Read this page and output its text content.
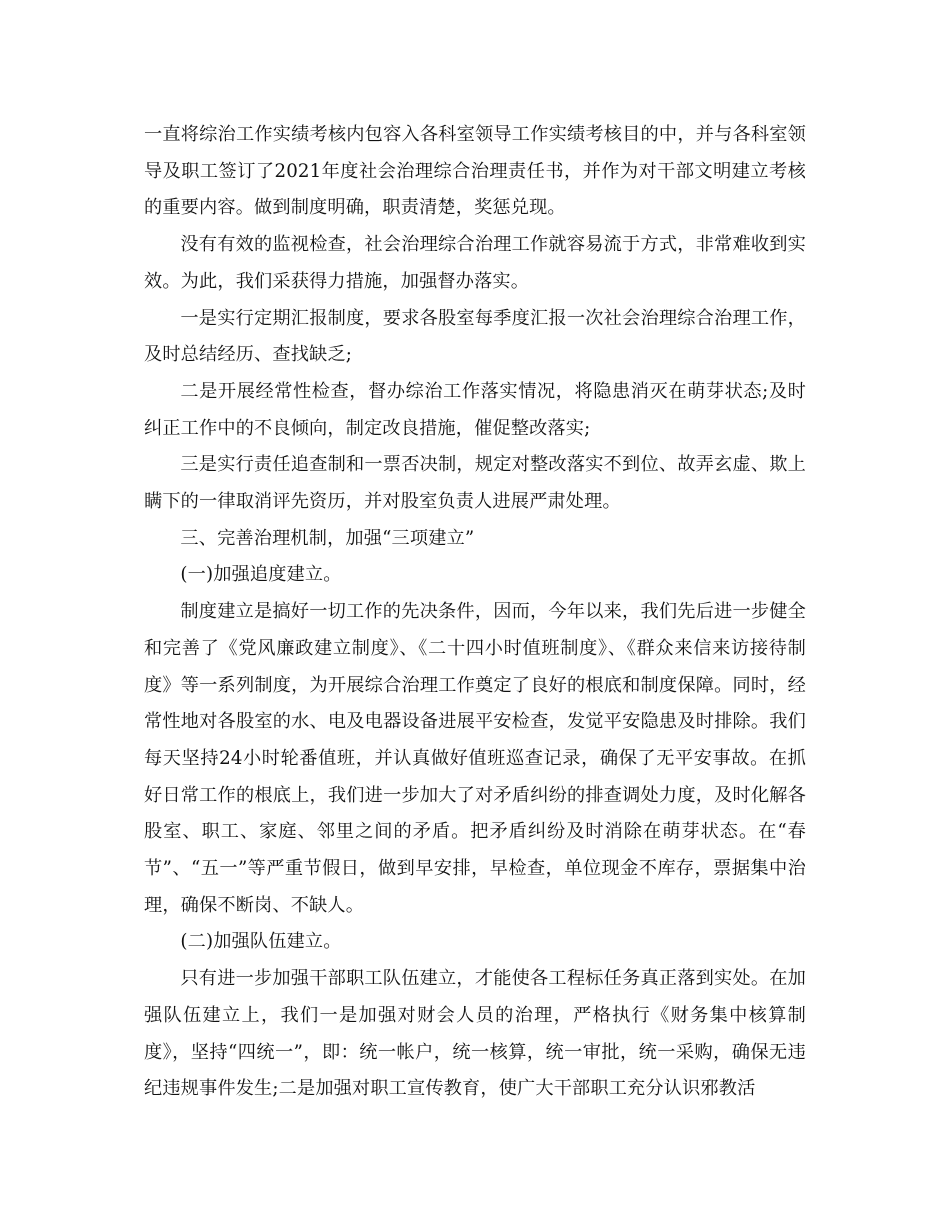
一直将综治工作实绩考核内包容入各科室领导工作实绩考核目的中，并与各科室领导及职工签订了2021年度社会治理综合治理责任书，并作为对干部文明建立考核的重要内容。做到制度明确，职责清楚，奖惩兑现。

没有有效的监视检查，社会治理综合治理工作就容易流于方式，非常难收到实效。为此，我们采获得力措施，加强督办落实。

一是实行定期汇报制度，要求各股室每季度汇报一次社会治理综合治理工作，及时总结经历、查找缺乏;

二是开展经常性检查，督办综治工作落实情况，将隐患消灭在萌芽状态;及时纠正工作中的不良倾向，制定改良措施，催促整改落实;

三是实行责任追查制和一票否决制，规定对整改落实不到位、故弄玄虚、欺上瞒下的一律取消评先资历，并对股室负责人进展严肃处理。

三、完善治理机制，加强“三项建立”

(一)加强追度建立。

制度建立是搞好一切工作的先决条件，因而，今年以来，我们先后进一步健全和完善了《党风廉政建立制度》、《二十四小时值班制度》、《群众来信来访接待制度》等一系列制度，为开展综合治理工作奠定了良好的根底和制度保障。同时，经常性地对各股室的水、电及电器设备进展平安检查，发觉平安隐患及时排除。我们每天坚持24小时轮番值班，并认真做好值班巡查记录，确保了无平安事故。在抓好日常工作的根底上，我们进一步加大了对矛盾纠纷的排查调处力度，及时化解各股室、职工、家庭、邻里之间的矛盾。把矛盾纠纷及时消除在萌芽状态。在“春节”、“五一”等严重节假日，做到早安排，早检查，单位现金不库存，票据集中治理，确保不断岗、不缺人。

(二)加强队伍建立。

只有进一步加强干部职工队伍建立，才能使各工程标任务真正落到实处。在加强队伍建立上，我们一是加强对财会人员的治理，严格执行《财务集中核算制度》，坚持“四统一”，即：统一帐户，统一核算，统一审批，统一采购，确保无违纪违规事件发生;二是加强对职工宣传教育，使广大干部职工充分认识邪教活
